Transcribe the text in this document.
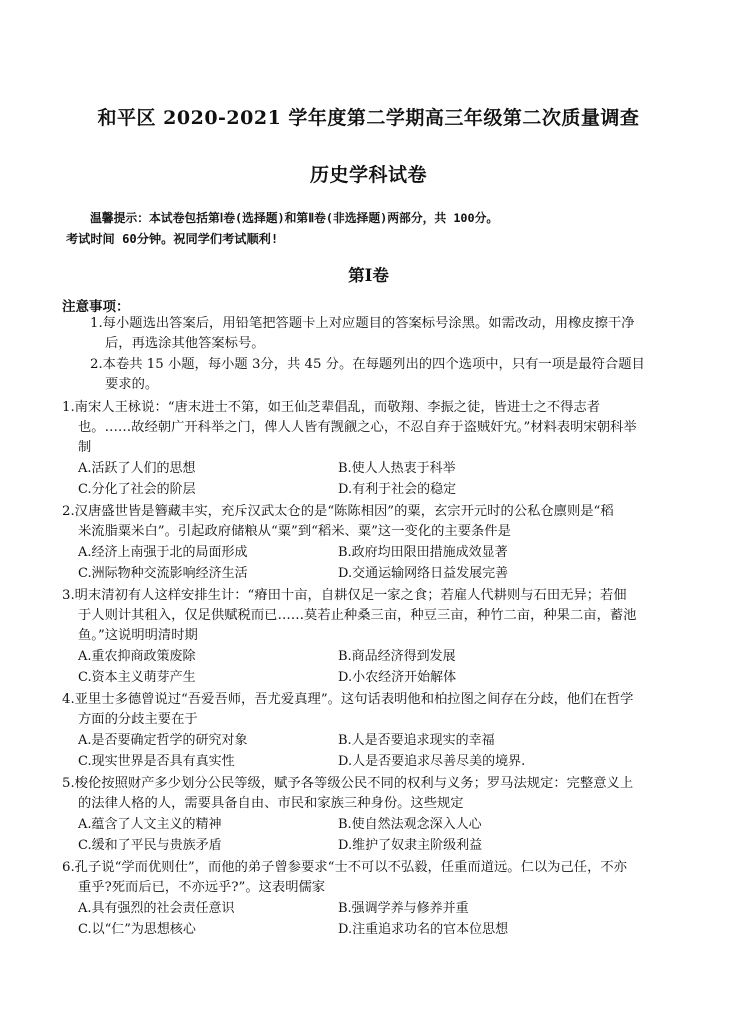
和平区 2020-2021 学年度第二学期高三年级第二次质量调查
历史学科试卷
温馨提示：本试卷包括第Ⅰ卷(选择题)和第Ⅱ卷(非选择题)两部分，共 100分。
考试时间 60分钟。祝同学们考试顺利!
第Ⅰ卷
注意事项：
1.每小题选出答案后，用铅笔把答题卡上对应题目的答案标号涂黑。如需改动，用橡皮擦干净
后，再选涂其他答案标号。
2.本卷共 15 小题，每小题 3分，共 45 分。在每题列出的四个选项中，只有一项是最符合题目
要求的。
1.南宋人王栐说：“唐末进士不第，如王仙芝辈倡乱，而敬翔、李振之徒，皆进士之不得志者
也。……故经朝广开科举之门，俾人人皆有觊觎之心，不忍自弃于盗贼奸宄。”材料表明宋朝科举
制
A.活跃了人们的思想	B.使人人热衷于科举
C.分化了社会的阶层	D.有利于社会的稳定
2.汉唐盛世皆是簪藏丰实，充斥汉武太仓的是“陈陈相因”的粟，玄宗开元时的公私仓廪则是“稻
米流脂粟米白”。引起政府储粮从“粟”到“稻米、粟”这一变化的主要条件是
A.经济上南强于北的局面形成	B.政府均田限田措施成效显著
C.洲际物种交流影响经济生活	D.交通运输网络日益发展完善
3.明末清初有人这样安排生计：“瘠田十亩，自耕仅足一家之食；若雇人代耕则与石田无异；若佃
于人则计其租入，仅足供赋税而已……莫若止种桑三亩，种豆三亩，种竹二亩，种果二亩，蓄池
鱼。”这说明明清时期
A.重农抑商政策废除	B.商品经济得到发展
C.资本主义萌芽产生	D.小农经济开始解体
4.亚里士多德曾说过“吾爱吾师，吾尤爱真理”。这句话表明他和柏拉图之间存在分歧，他们在哲学
方面的分歧主要在于
A.是否要确定哲学的研究对象	B.人是否要追求现实的幸福
C.现实世界是否具有真实性	D.人是否要追求尽善尽美的境界.
5.梭伦按照财产多少划分公民等级，赋予各等级公民不同的权利与义务；罗马法规定：完整意义上
的法律人格的人，需要具备自由、市民和家族三种身份。这些规定
A.蕴含了人文主义的精神	B.使自然法观念深入人心
C.缓和了平民与贵族矛盾	D.维护了奴隶主阶级利益
6.孔子说“学而优则仕”，而他的弟子曾参要求“士不可以不弘毅，任重而道远。仁以为己任，不亦
重乎?死而后已，不亦远乎?”。这表明儒家
A.具有强烈的社会责任意识	B.强调学养与修养并重
C.以“仁”为思想核心	D.注重追求功名的官本位思想
